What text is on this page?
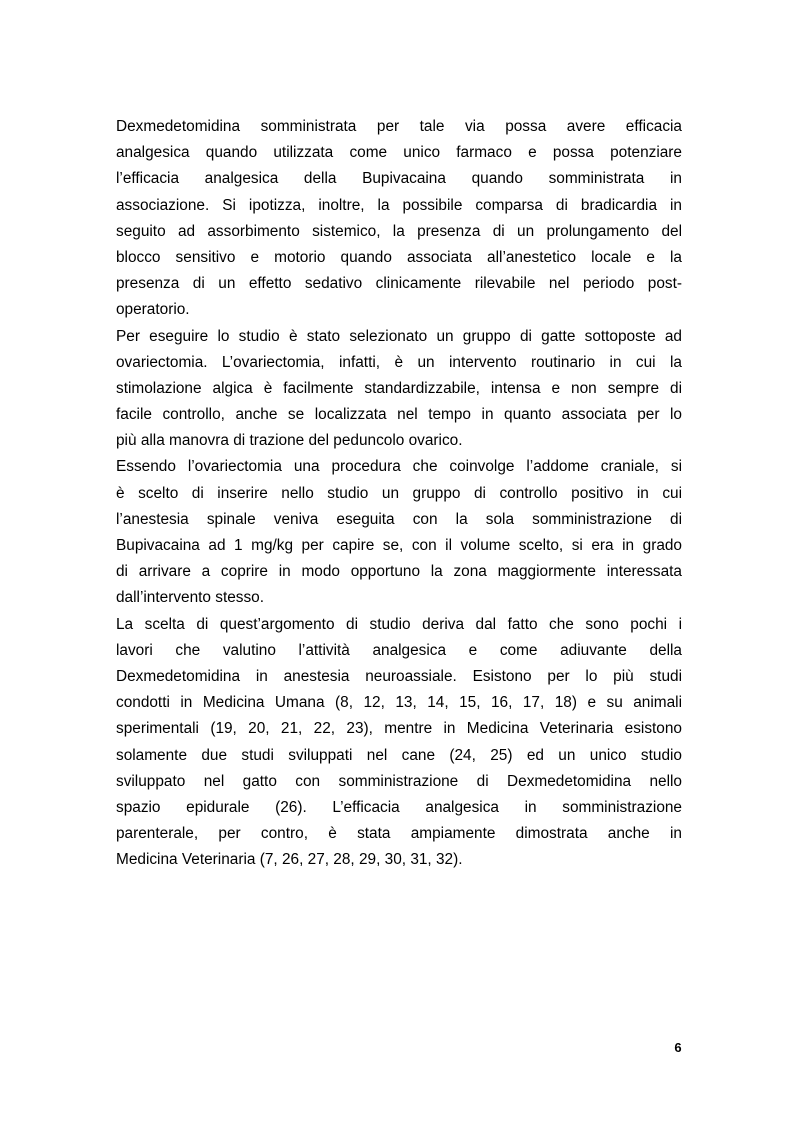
Dexmedetomidina somministrata per tale via possa avere efficacia
analgesica quando utilizzata come unico farmaco e possa potenziare
l’efficacia analgesica della Bupivacaina quando somministrata in
associazione. Si ipotizza, inoltre, la possibile comparsa di bradicardia in
seguito ad assorbimento sistemico, la presenza di un prolungamento del
blocco sensitivo e motorio quando associata all’anestetico locale e la
presenza di un effetto sedativo clinicamente rilevabile nel periodo post-
operatorio.
Per eseguire lo studio è stato selezionato un gruppo di gatte sottoposte ad
ovariectomia. L’ovariectomia, infatti, è un intervento routinario in cui la
stimolazione algica è facilmente standardizzabile, intensa e non sempre di
facile controllo, anche se localizzata nel tempo in quanto associata per lo
più alla manovra di trazione del peduncolo ovarico.
Essendo l’ovariectomia una procedura che coinvolge l’addome craniale, si
è scelto di inserire nello studio un gruppo di controllo positivo in cui
l’anestesia spinale veniva eseguita con la sola somministrazione di
Bupivacaina ad 1 mg/kg per capire se, con il volume scelto, si era in grado
di arrivare a coprire in modo opportuno la zona maggiormente interessata
dall’intervento stesso.
La scelta di quest’argomento di studio deriva dal fatto che sono pochi i
lavori che valutino l’attività analgesica e come adiuvante della
Dexmedetomidina in anestesia neuroassiale. Esistono per lo più studi
condotti in Medicina Umana (8, 12, 13, 14, 15, 16, 17, 18) e su animali
sperimentali (19, 20, 21, 22, 23), mentre in Medicina Veterinaria esistono
solamente due studi sviluppati nel cane (24, 25) ed un unico studio
sviluppato nel gatto con somministrazione di Dexmedetomidina nello
spazio epidurale (26). L’efficacia analgesica in somministrazione
parenterale, per contro, è stata ampiamente dimostrata anche in
Medicina Veterinaria (7, 26, 27, 28, 29, 30, 31, 32).
6
